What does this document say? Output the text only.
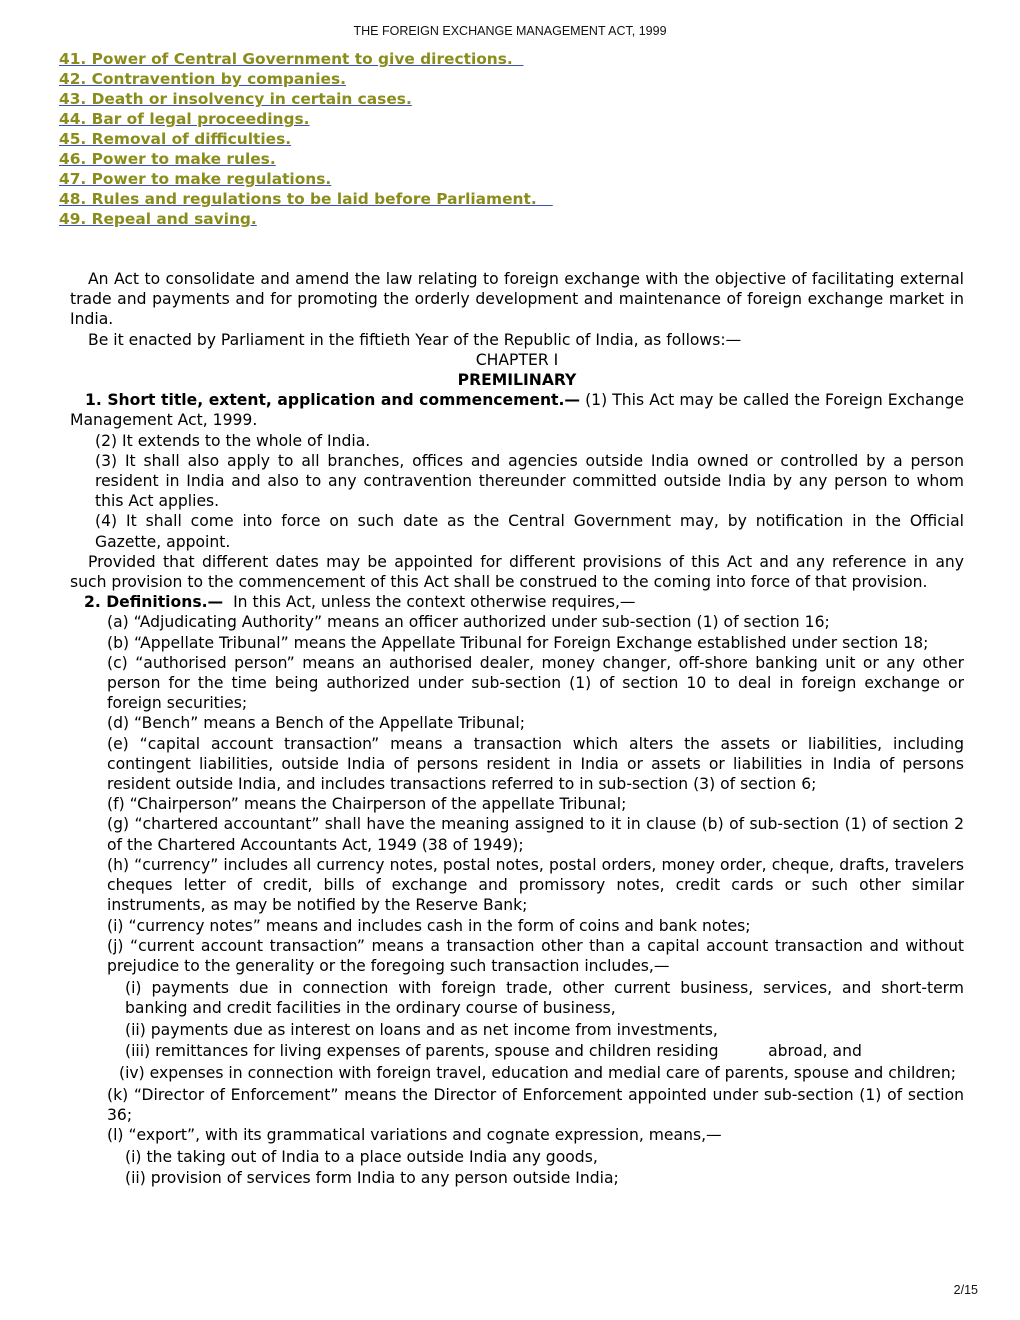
THE FOREIGN EXCHANGE MANAGEMENT ACT, 1999
41. Power of Central Government to give directions.
42. Contravention by companies.
43. Death or insolvency in certain cases.
44. Bar of legal proceedings.
45. Removal of difficulties.
46. Power to make rules.
47. Power to make regulations.
48. Rules and regulations to be laid before Parliament.
49. Repeal and saving.

An Act to consolidate and amend the law relating to foreign exchange with the objective of facilitating external trade and payments and for promoting the orderly development and maintenance of foreign exchange market in India.

Be it enacted by Parliament in the fiftieth Year of the Republic of India, as follows:—

CHAPTER I

PREMILINARY

1. Short title, extent, application and commencement.— (1) This Act may be called the Foreign Exchange Management Act, 1999.

(2) It extends to the whole of India.

(3) It shall also apply to all branches, offices and agencies outside India owned or controlled by a person resident in India and also to any contravention thereunder committed outside India by any person to whom this Act applies.

(4) It shall come into force on such date as the Central Government may, by notification in the Official Gazette, appoint.

Provided that different dates may be appointed for different provisions of this Act and any reference in any such provision to the commencement of this Act shall be construed to the coming into force of that provision.

2. Definitions.—  In this Act, unless the context otherwise requires,—

(a) “Adjudicating Authority” means an officer authorized under sub-section (1) of section 16;

(b) “Appellate Tribunal” means the Appellate Tribunal for Foreign Exchange established under section 18;

(c) “authorised person” means an authorised dealer, money changer, off-shore banking unit or any other person for the time being authorized under sub-section (1) of section 10 to deal in foreign exchange or foreign securities;

(d) “Bench” means a Bench of the Appellate Tribunal;

(e) “capital account transaction” means a transaction which alters the assets or liabilities, including contingent liabilities, outside India of persons resident in India or assets or liabilities in India of persons resident outside India, and includes transactions referred to in sub-section (3) of section 6;

(f) “Chairperson” means the Chairperson of the appellate Tribunal;

(g) “chartered accountant” shall have the meaning assigned to it in clause (b) of sub-section (1) of section 2 of the Chartered Accountants Act, 1949 (38 of 1949);

(h) “currency” includes all currency notes, postal notes, postal orders, money order, cheque, drafts, travelers cheques letter of credit, bills of exchange and promissory notes, credit cards or such other similar instruments, as may be notified by the Reserve Bank;

(i) “currency notes” means and includes cash in the form of coins and bank notes;

(j) “current account transaction” means a transaction other than a capital account transaction and without prejudice to the generality or the foregoing such transaction includes,—

(i) payments due in connection with foreign trade, other current business, services, and short-term banking and credit facilities in the ordinary course of business,

(ii) payments due as interest on loans and as net income from investments,

(iii) remittances for living expenses of parents, spouse and children residing          abroad, and

(iv) expenses in connection with foreign travel, education and medial care of parents, spouse and children;

(k) “Director of Enforcement” means the Director of Enforcement appointed under sub-section (1) of section 36;

(l) “export”, with its grammatical variations and cognate expression, means,—

(i) the taking out of India to a place outside India any goods,

(ii) provision of services form India to any person outside India;

2/15
